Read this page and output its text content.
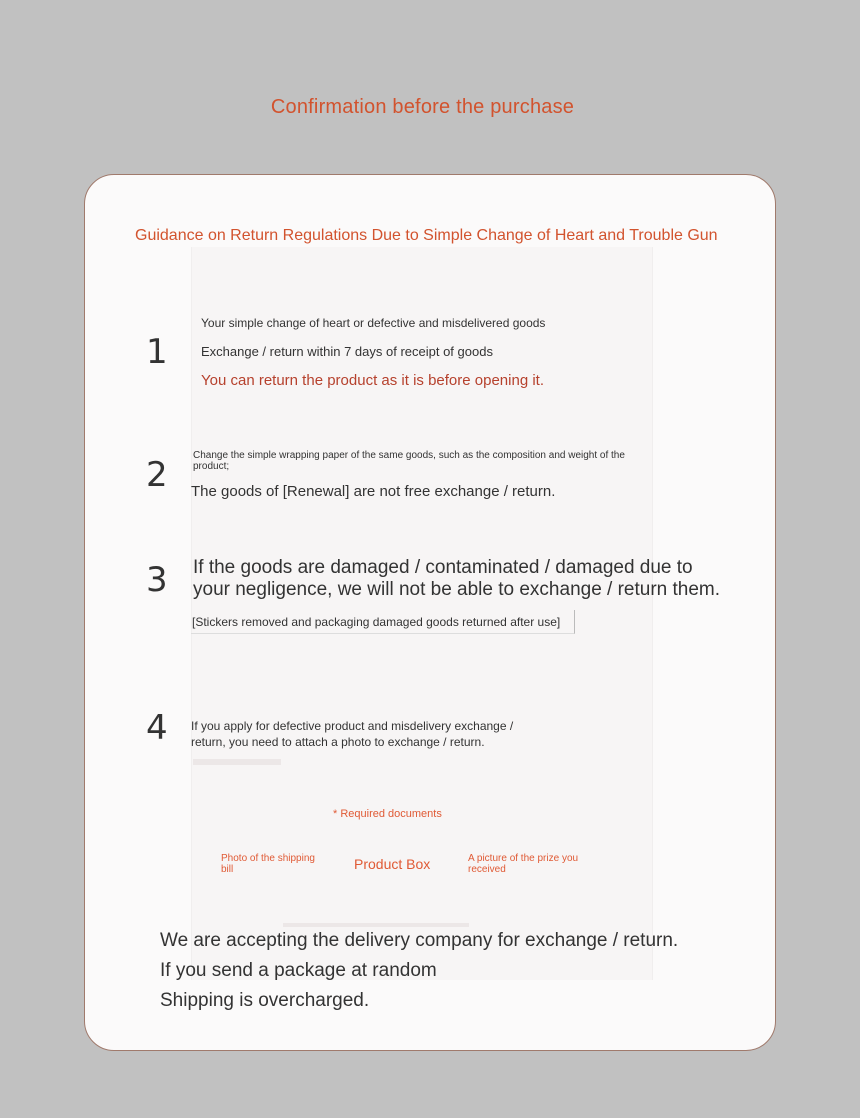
Confirmation before the purchase
Guidance on Return Regulations Due to Simple Change of Heart and Trouble Gun
1
Your simple change of heart or defective and misdelivered goods
Exchange / return within 7 days of receipt of goods
You can return the product as it is before opening it.
2	Change the simple wrapping paper of the same goods, such as the composition and weight of the product;
The goods of [Renewal] are not free exchange / return.
3 If the goods are damaged / contaminated / damaged due to
your negligence, we will not be able to exchange / return them.
[Stickers removed and packaging damaged goods returned after use]
4 If you apply for defective product and misdelivery exchange /
return, you need to attach a photo to exchange / return.
* Required documents
Photo of the shipping bill	Product Box	A picture of the prize you received
We are accepting the delivery company for exchange / return.
If you send a package at random
Shipping is overcharged.
